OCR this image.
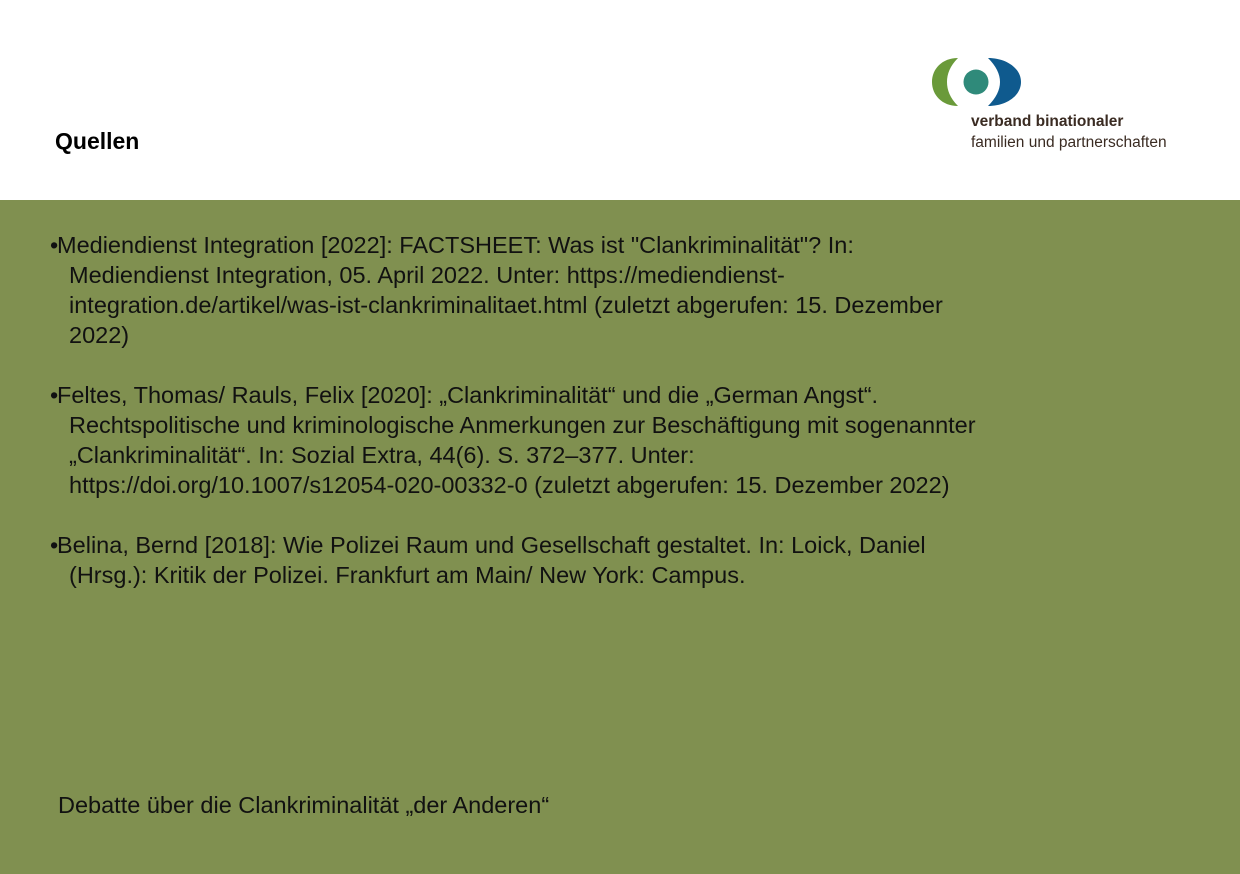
Quellen
verband binationaler
familien und partnerschaften
•
Mediendienst Integration [2022]: FACTSHEET: Was ist "Clankriminalität"? In: Mediendienst Integration, 05. April 2022. Unter: https://mediendienst-integration.de/artikel/was-ist-clankriminalitaet.html (zuletzt abgerufen: 15. Dezember 2022)
•
Feltes, Thomas/ Rauls, Felix [2020]: „Clankriminalität“ und die „German Angst“. Rechtspolitische und kriminologische Anmerkungen zur Beschäftigung mit sogenannter „Clankriminalität“. In: Sozial Extra, 44(6). S. 372–377. Unter: https://doi.org/10.1007/s12054-020-00332-0 (zuletzt abgerufen: 15. Dezember 2022)
•
Belina, Bernd [2018]: Wie Polizei Raum und Gesellschaft gestaltet. In: Loick, Daniel (Hrsg.): Kritik der Polizei. Frankfurt am Main/ New York: Campus.
Debatte über die Clankriminalität „der Anderen“
